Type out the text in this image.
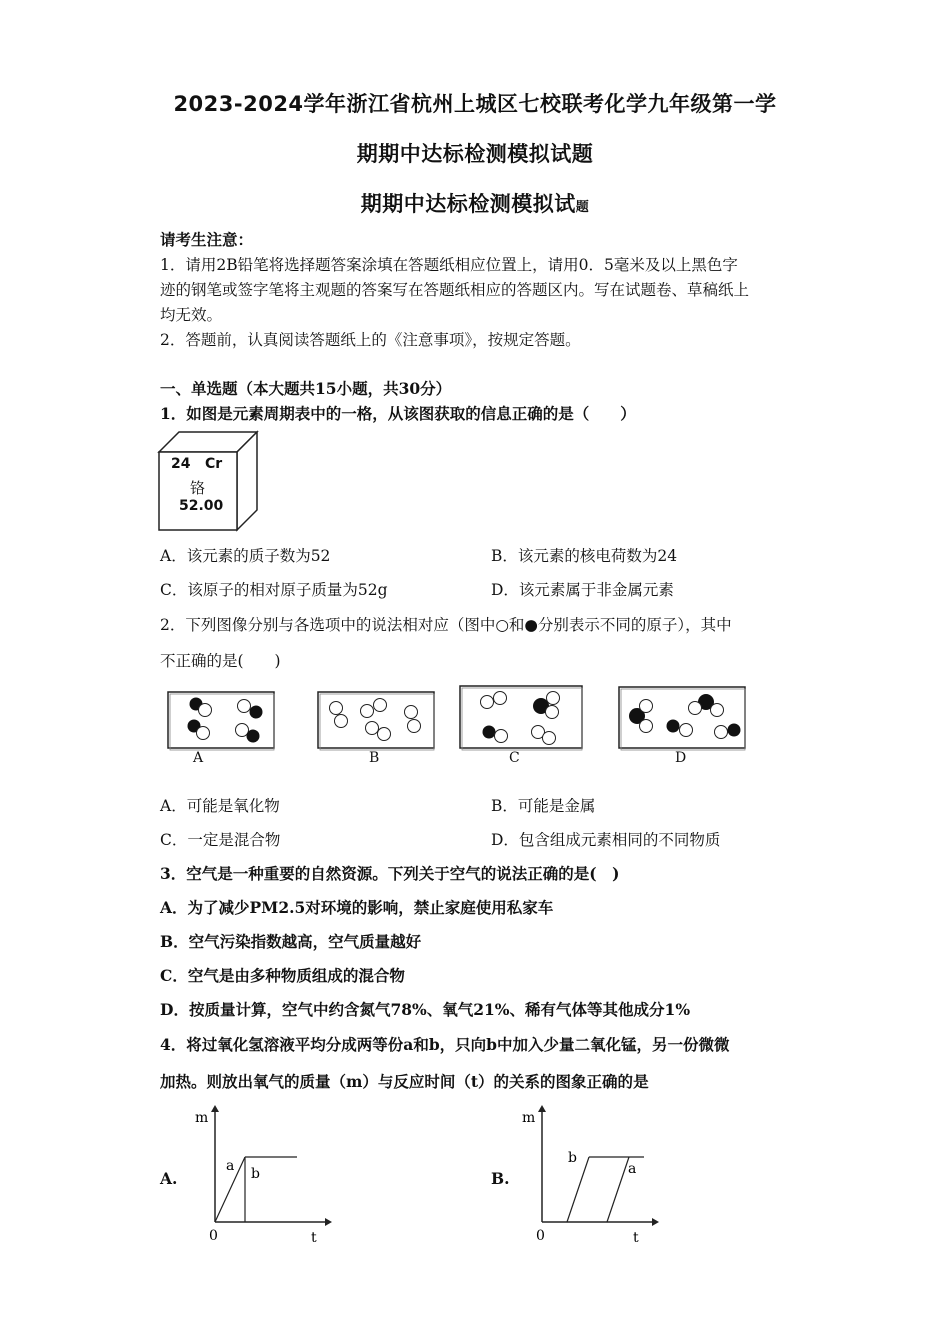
2023-2024学年浙江省杭州上城区七校联考化学九年级第一学
期期中达标检测模拟试题
期期中达标检测模拟试题
请考生注意：
1．请用2B铅笔将选择题答案涂填在答题纸相应位置上，请用0．5毫米及以上黑色字
迹的钢笔或签字笔将主观题的答案写在答题纸相应的答题区内。写在试题卷、草稿纸上
均无效。
2．答题前，认真阅读答题纸上的《注意事项》，按规定答题。
一、单选题（本大题共15小题，共30分）
1．如图是元素周期表中的一格，从该图获取的信息正确的是（　　）
24 Cr
铬
52.00
A．该元素的质子数为52	B．该元素的核电荷数为24
C．该原子的相对原子质量为52g	D．该元素属于非金属元素
2．下列图像分别与各选项中的说法相对应（图中○和●分别表示不同的原子），其中
不正确的是(　　)
A	B	C	D
A．可能是氧化物	B．可能是金属
C．一定是混合物	D．包含组成元素相同的不同物质
3．空气是一种重要的自然资源。下列关于空气的说法正确的是(　)
A．为了减少PM2.5对环境的影响，禁止家庭使用私家车
B．空气污染指数越高，空气质量越好
C．空气是由多种物质组成的混合物
D．按质量计算，空气中约含氮气78%、氧气21%、稀有气体等其他成分1%
4．将过氧化氢溶液平均分成两等份a和b，只向b中加入少量二氧化锰，另一份微微
加热。则放出氧气的质量（m）与反应时间（t）的关系的图象正确的是
A.
m
t
0
a b	B.
m
t
0
b
a
